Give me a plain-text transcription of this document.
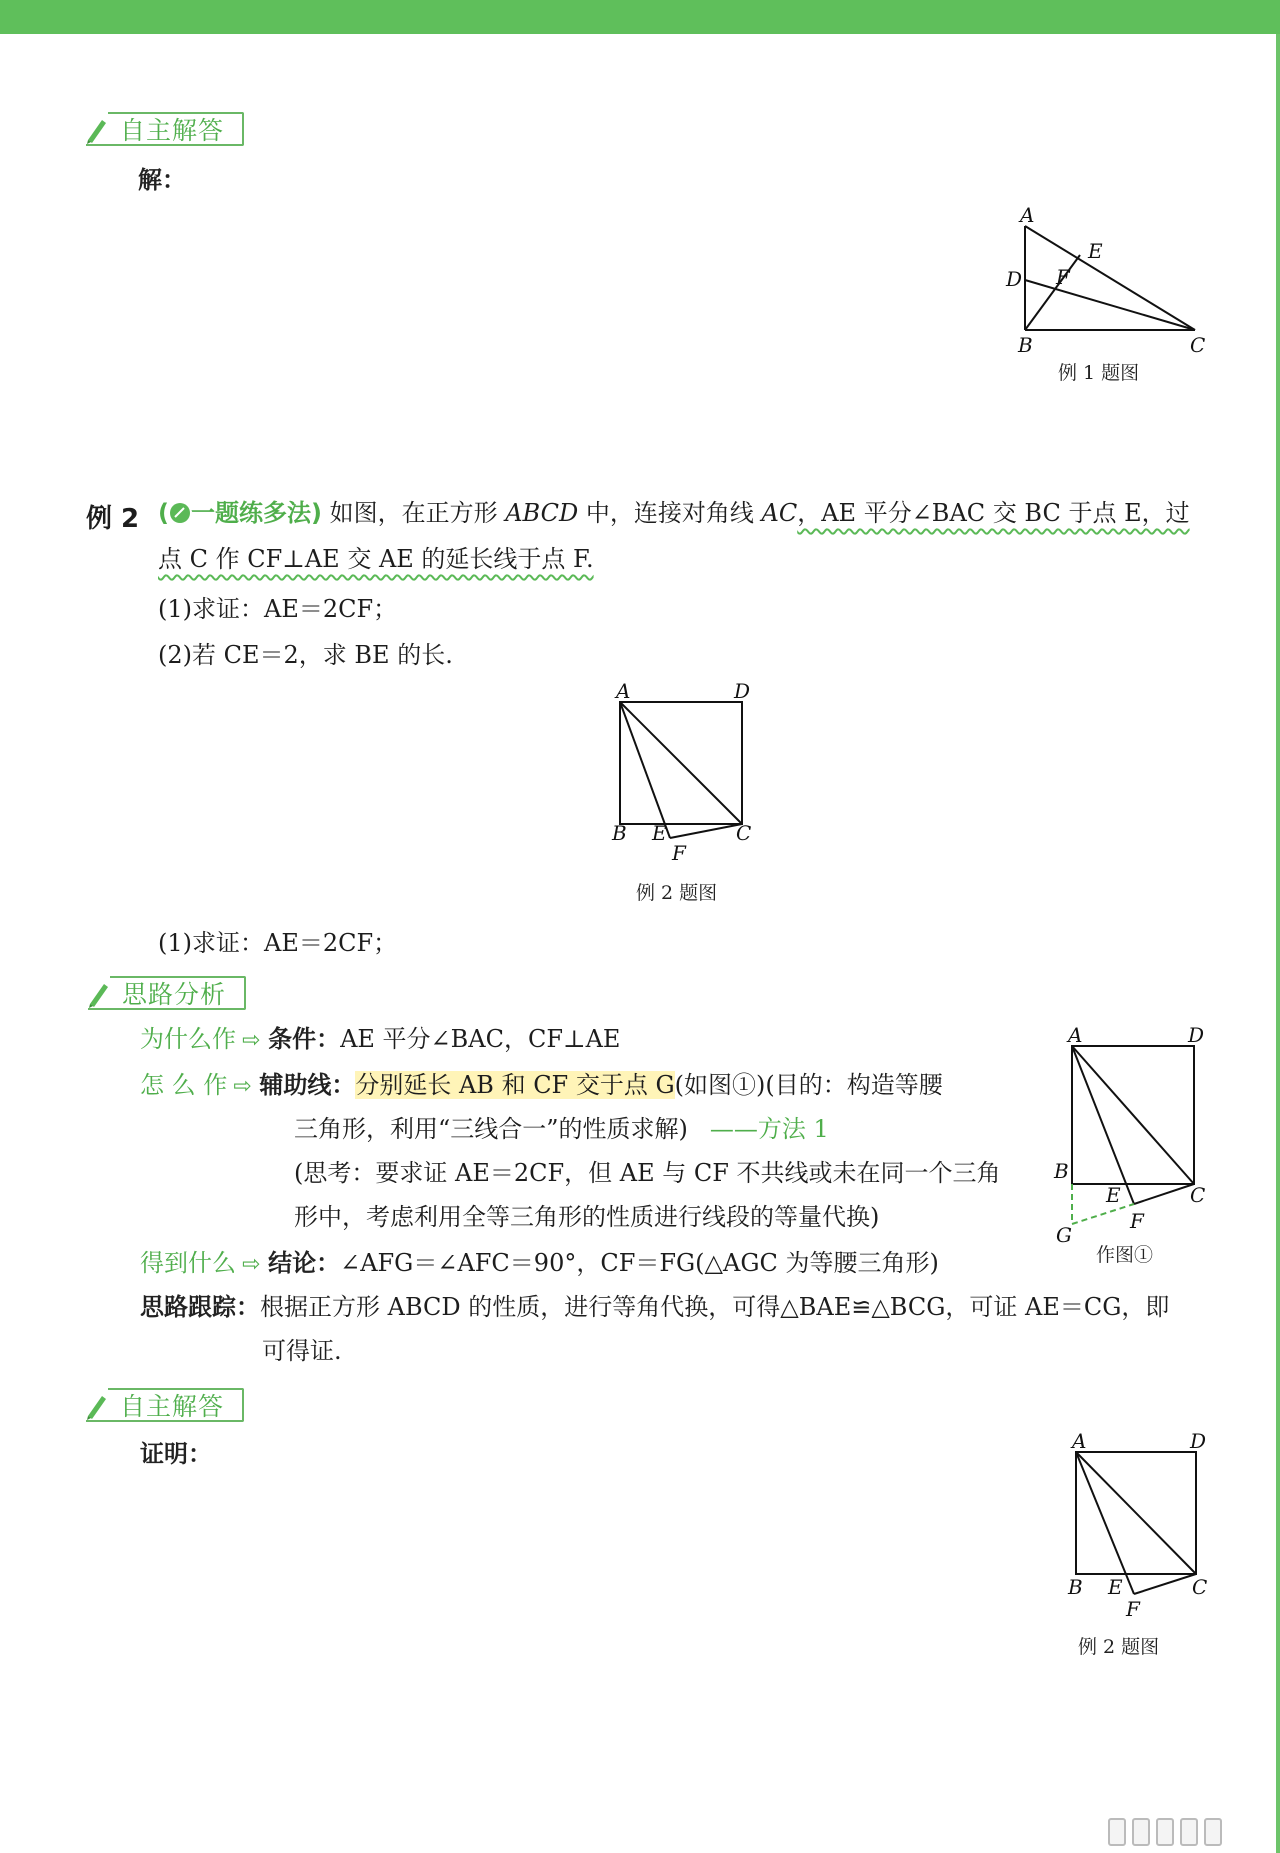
自主解答
解：
A
E
D F
B	C
例 1 题图
例 2 ( 一题练多法) 如图，在正方形 ABCD 中，连接对角线 AC，AE 平分∠BAC 交 BC 于点 E，过
点 C 作 CF⊥AE 交 AE 的延长线于点 F.
(1)求证：AE＝2CF；
(2)若 CE＝2，求 BE 的长.
A	D
B E	C
F
例 2 题图
(1)求证：AE＝2CF；
思路分析
为什么作 ⇨ 条件：AE 平分∠BAC，CF⊥AE
怎 么 作 ⇨ 辅助线：分别延长 AB 和 CF 交于点 G(如图①)(目的：构造等腰
三角形，利用“三线合一”的性质求解) ——方法 1
(思考：要求证 AE＝2CF，但 AE 与 CF 不共线或未在同一个三角
形中，考虑利用全等三角形的性质进行线段的等量代换)
得到什么 ⇨ 结论：∠AFG＝∠AFC＝90°，CF＝FG(△AGC 为等腰三角形)
思路跟踪：根据正方形 ABCD 的性质，进行等角代换，可得△BAE≌△BCG，可证 AE＝CG，即
可得证.
A	D
B
E	C
F
G
作图①
自主解答
证明：	A	D
B E	C
F
例 2 题图
